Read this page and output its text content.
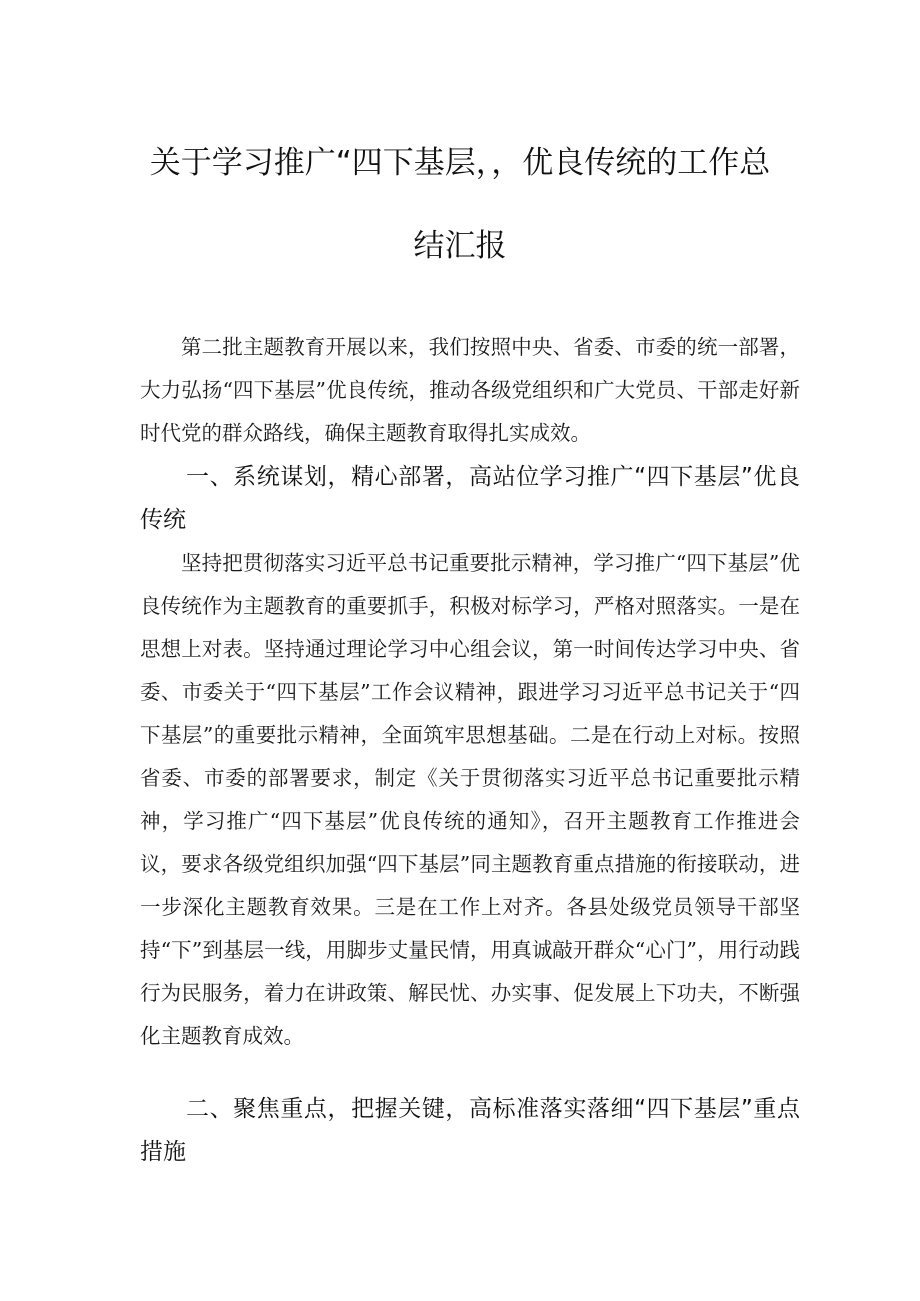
关于学习推广“四下基层，，优良传统的工作总
结汇报

第二批主题教育开展以来，我们按照中央、省委、市委的统一部署，大力弘扬“四下基层”优良传统，推动各级党组织和广大党员、干部走好新时代党的群众路线，确保主题教育取得扎实成效。

一、系统谋划，精心部署，高站位学习推广“四下基层”优良传统

坚持把贯彻落实习近平总书记重要批示精神，学习推广“四下基层”优良传统作为主题教育的重要抓手，积极对标学习，严格对照落实。一是在思想上对表。坚持通过理论学习中心组会议，第一时间传达学习中央、省委、市委关于“四下基层”工作会议精神，跟进学习习近平总书记关于“四下基层”的重要批示精神，全面筑牢思想基础。二是在行动上对标。按照省委、市委的部署要求，制定《关于贯彻落实习近平总书记重要批示精神，学习推广“四下基层”优良传统的通知》，召开主题教育工作推进会议，要求各级党组织加强“四下基层”同主题教育重点措施的衔接联动，进一步深化主题教育效果。三是在工作上对齐。各县处级党员领导干部坚持“下”到基层一线，用脚步丈量民情，用真诚敲开群众“心门”，用行动践行为民服务，着力在讲政策、解民忧、办实事、促发展上下功夫，不断强化主题教育成效。

二、聚焦重点，把握关键，高标准落实落细“四下基层”重点措施
